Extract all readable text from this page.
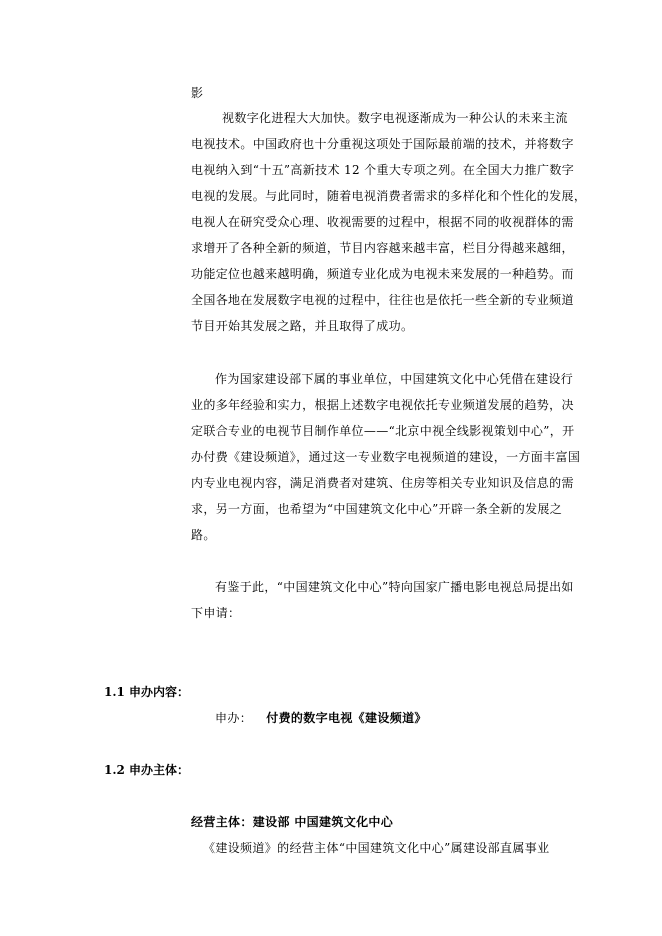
影
视数字化进程大大加快。数字电视逐渐成为一种公认的未来主流
电视技术。中国政府也十分重视这项处于国际最前端的技术，并将数字
电视纳入到“十五”高新技术 12 个重大专项之列。在全国大力推广数字
电视的发展。与此同时，随着电视消费者需求的多样化和个性化的发展，
电视人在研究受众心理、收视需要的过程中，根据不同的收视群体的需
求增开了各种全新的频道，节目内容越来越丰富，栏目分得越来越细，
功能定位也越来越明确，频道专业化成为电视未来发展的一种趋势。而
全国各地在发展数字电视的过程中，往往也是依托一些全新的专业频道
节目开始其发展之路，并且取得了成功。
作为国家建设部下属的事业单位，中国建筑文化中心凭借在建设行
业的多年经验和实力，根据上述数字电视依托专业频道发展的趋势，决
定联合专业的电视节目制作单位——“北京中视全线影视策划中心”，开
办付费《建设频道》，通过这一专业数字电视频道的建设，一方面丰富国
内专业电视内容，满足消费者对建筑、住房等相关专业知识及信息的需
求，另一方面，也希望为“中国建筑文化中心”开辟一条全新的发展之
路。
有鉴于此，“中国建筑文化中心”特向国家广播电影电视总局提出如
下申请：
1.1 申办内容：
申办： 付费的数字电视《建设频道》
1.2 申办主体：
经营主体：建设部 中国建筑文化中心
《建设频道》的经营主体“中国建筑文化中心”属建设部直属事业
